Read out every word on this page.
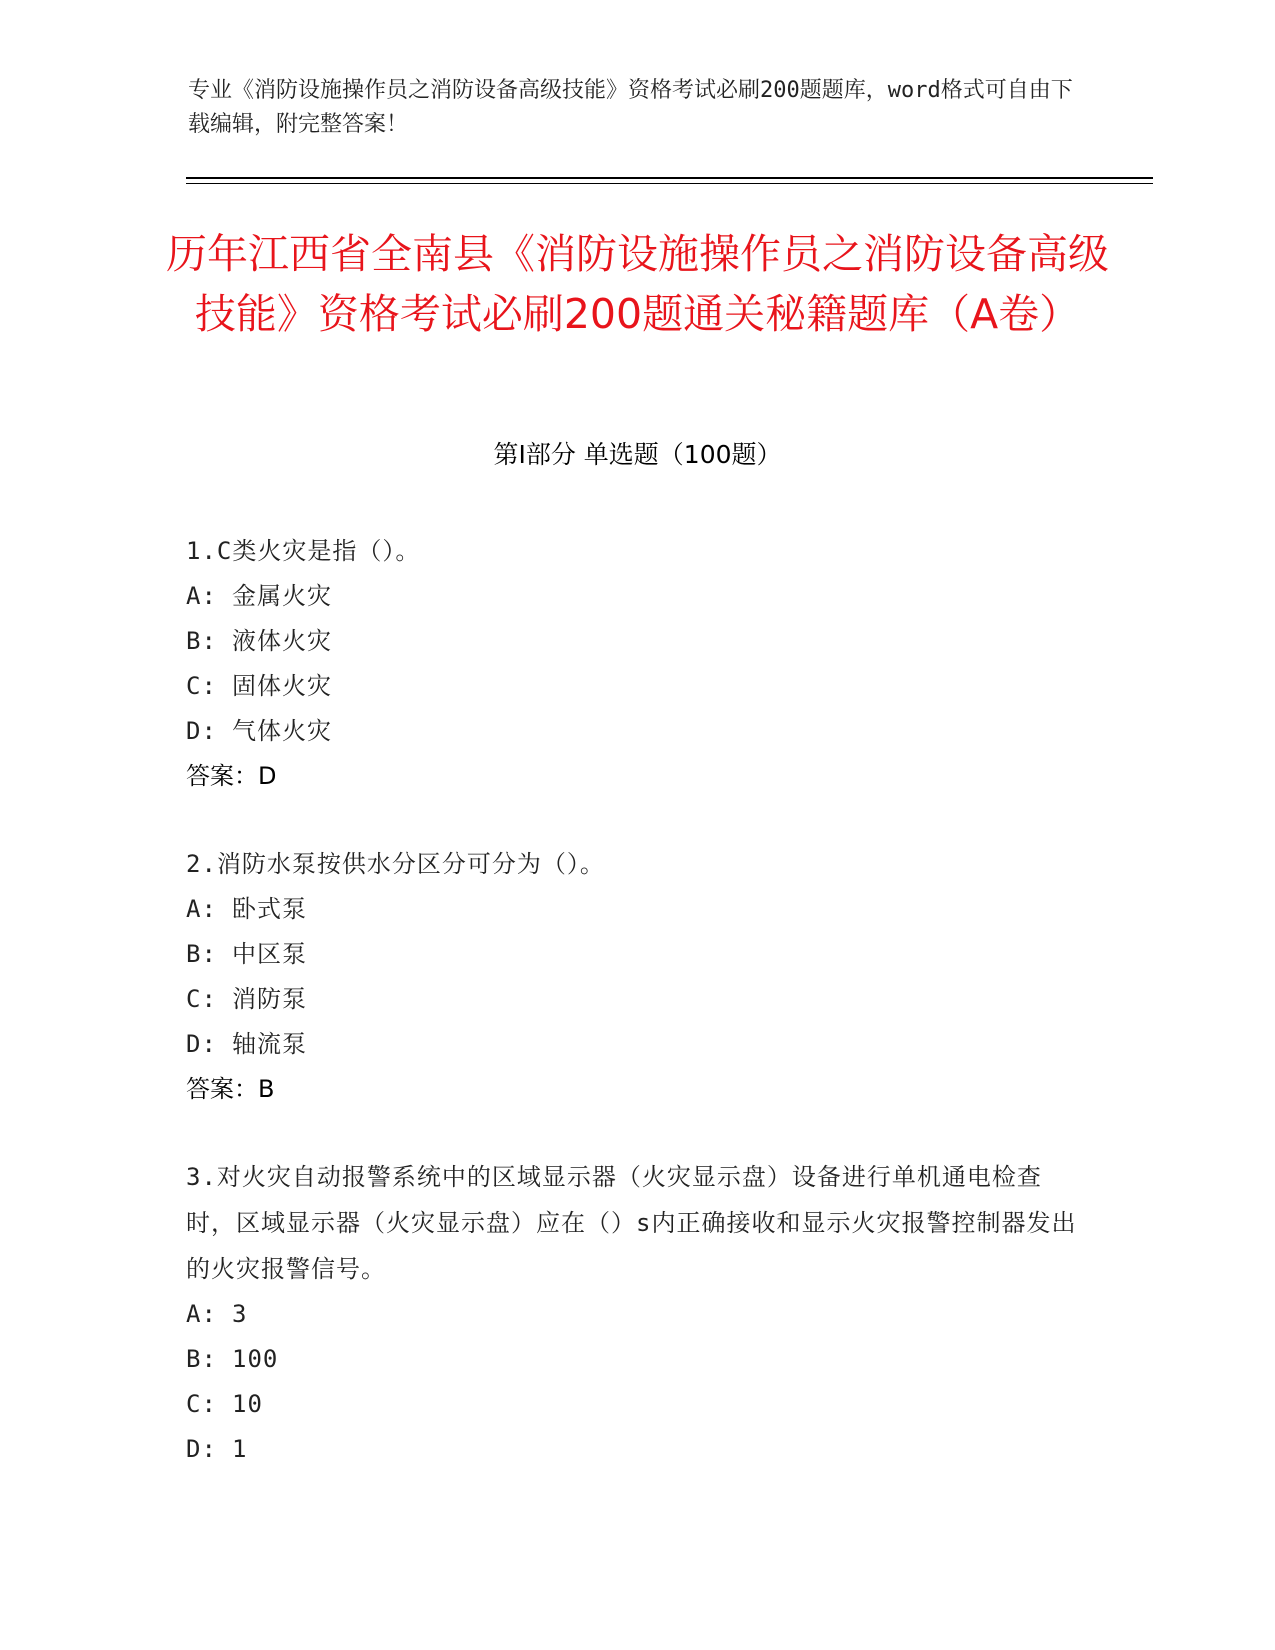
专业《消防设施操作员之消防设备高级技能》资格考试必刷200题题库，word格式可自由下载编辑，附完整答案！
历年江西省全南县《消防设施操作员之消防设备高级技能》资格考试必刷200题通关秘籍题库（A卷）
第Ⅰ部分 单选题（100题）
1.C类火灾是指（）。
A: 金属火灾
B: 液体火灾
C: 固体火灾
D: 气体火灾
答案：D
2.消防水泵按供水分区分可分为（）。
A: 卧式泵
B: 中区泵
C: 消防泵
D: 轴流泵
答案：B
3.对火灾自动报警系统中的区域显示器（火灾显示盘）设备进行单机通电检查时，区域显示器（火灾显示盘）应在（）s内正确接收和显示火灾报警控制器发出的火灾报警信号。
A: 3
B: 100
C: 10
D: 1
